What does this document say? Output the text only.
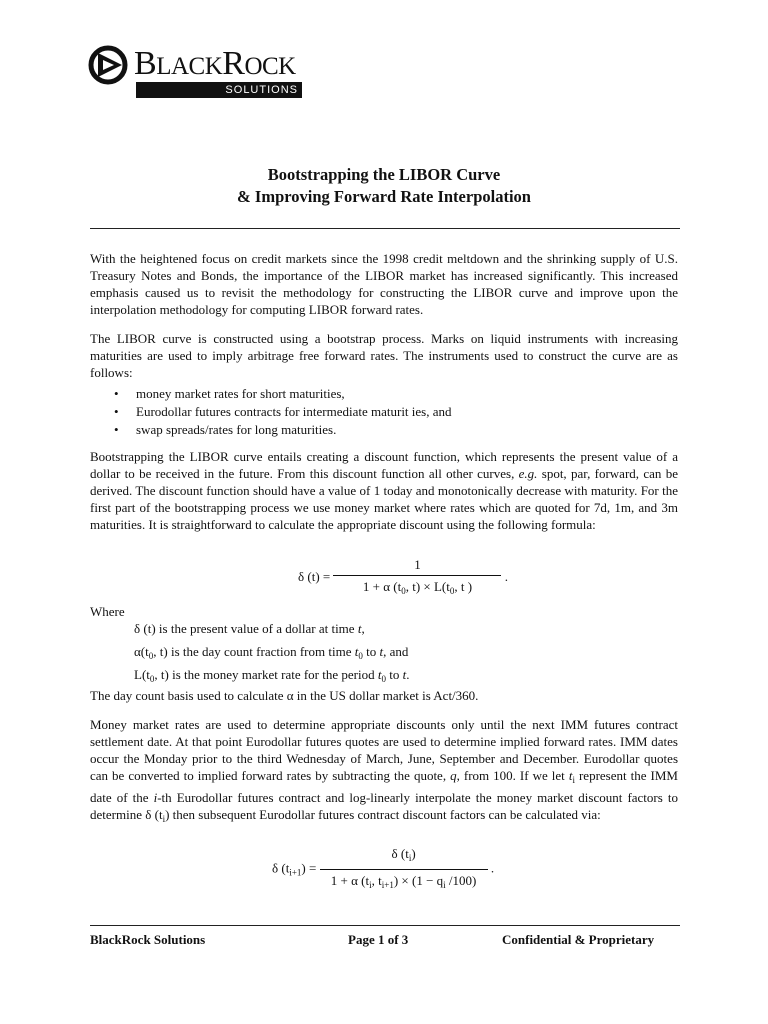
BLACKROCK
SOLUTIONS
Bootstrapping the LIBOR Curve
& Improving Forward Rate Interpolation

With the heightened focus on credit markets since the 1998 credit meltdown and the shrinking supply of U.S. Treasury Notes and Bonds, the importance of the LIBOR market has increased significantly. This increased emphasis caused us to revisit the methodology for constructing the LIBOR curve and improve upon the interpolation methodology for computing LIBOR forward rates.

The LIBOR curve is constructed using a bootstrap process. Marks on liquid instruments with increasing maturities are used to imply arbitrage free forward rates. The instruments used to construct the curve are as follows:

• money market rates for short maturities,
• Eurodollar futures contracts for intermediate maturit ies, and
• swap spreads/rates for long maturities.

Bootstrapping the LIBOR curve entails creating a discount function, which represents the present value of a dollar to be received in the future. From this discount function all other curves, e.g. spot, par, forward, can be derived. The discount function should have a value of 1 today and monotonically decrease with maturity. For the first part of the bootstrapping process we use money market where rates which are quoted for 7d, 1m, and 3m maturities. It is straightforward to calculate the appropriate discount using the following formula:

δ $(t) = \frac{1}{1 + \alpha (t_0, t) \times L(t_0, t )}$ .
Where
δ (t) is the present value of a dollar at time t,
$\alpha(t_0$, t) is the day count fraction from time $t_0$ to t, and
$L(t_0$, t) is the money market rate for the period $t_0$ to t.
The day count basis used to calculate α in the US dollar market is Act/360.

Money market rates are used to determine appropriate discounts only until the next IMM futures contract settlement date. At that point Eurodollar futures quotes are used to determine implied forward rates. IMM dates occur the Monday prior to the third Wednesday of March, June, September and December. Eurodollar quotes can be converted to implied forward rates by subtracting the quote, q, from 100. If we let $t_i$ represent the IMM date of the i-th Eurodollar futures contract and log-linearly interpolate the money market discount factors to determine δ $(t_i)$ then subsequent Eurodollar futures contract discount factors can be calculated via:

δ $(t_{i+1}) = \frac{\delta (t_i)}{1 + \alpha (t_i, t_{i+1}) \times (1 - q_i /100)}$ .
BlackRock Solutions	Page 1 of 3	Confidential & Proprietary
